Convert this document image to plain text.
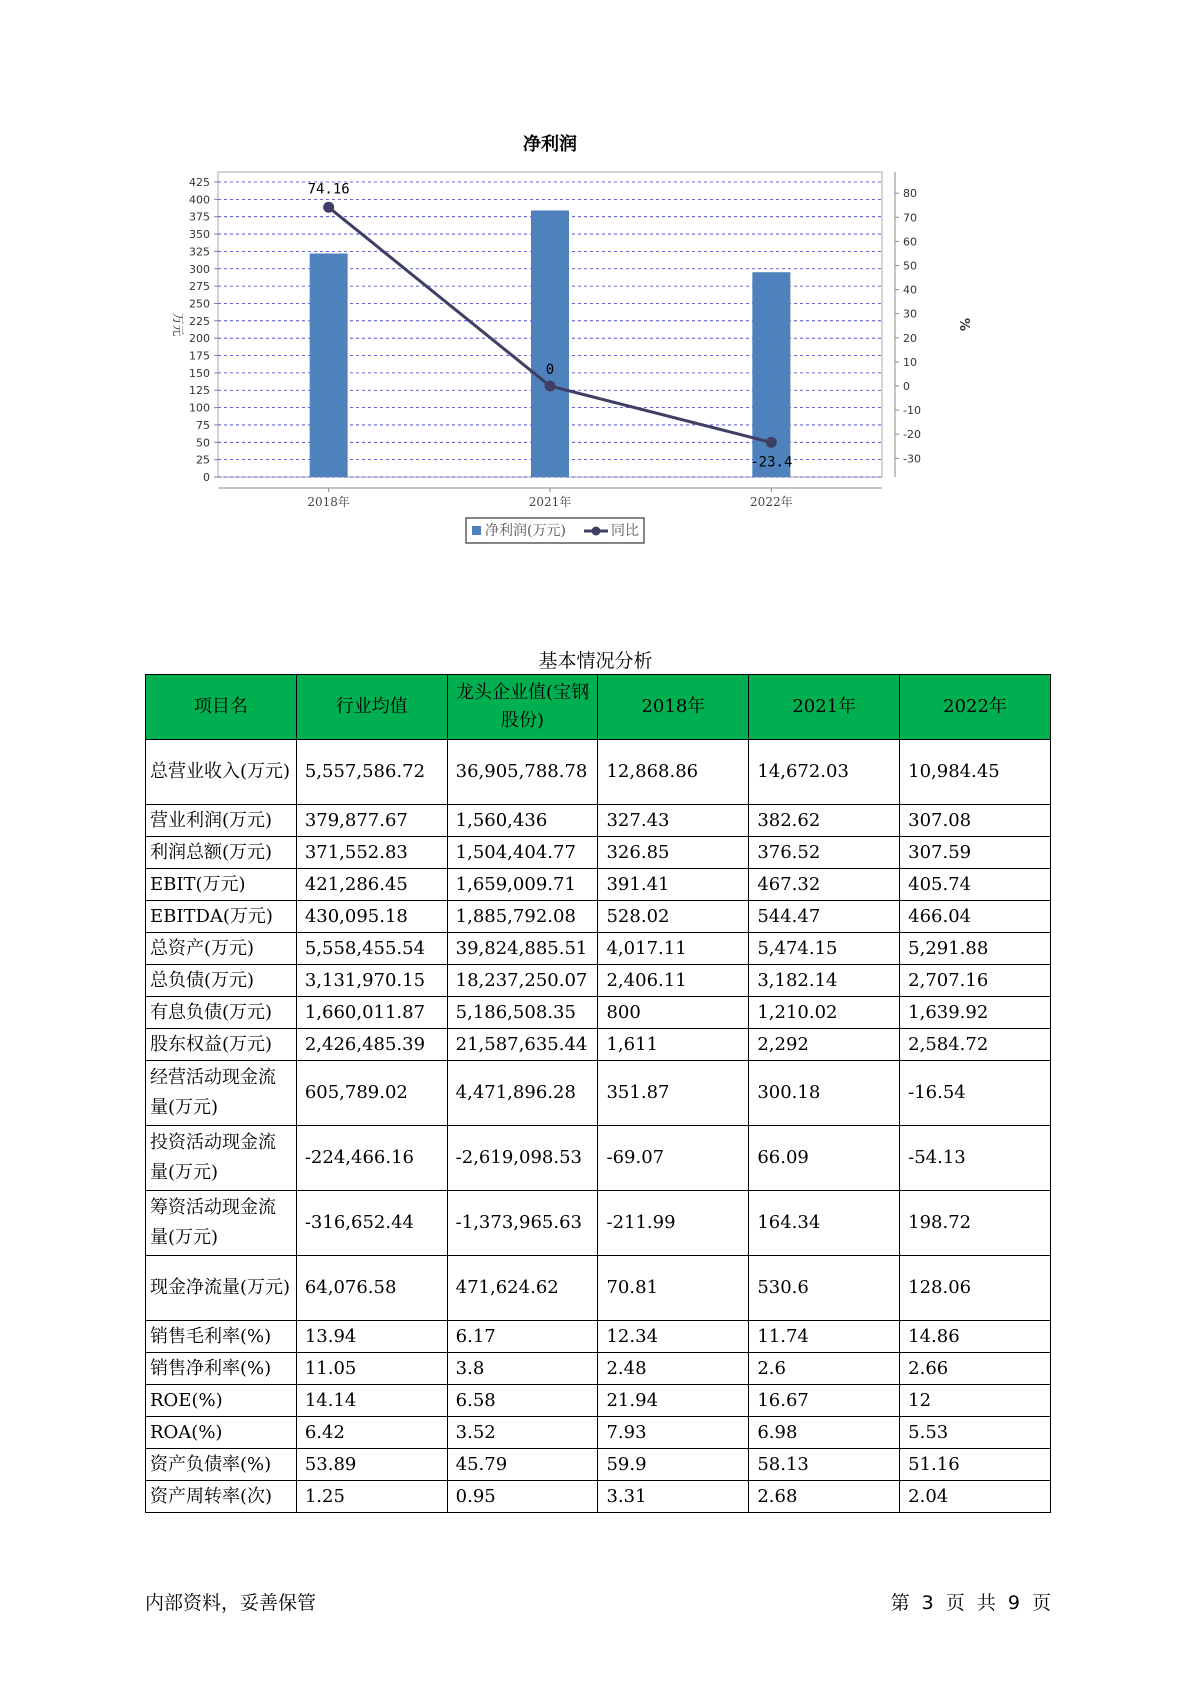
净利润
0
25
50
75
100
125
150
175
200
225
250
275
300
325
350
375
400
425
万元
-30
-20
-10
0
10
20
30
40
50
60
70
80
%
2018年	2021年	2022年
74.16
0
-23.4
净利润(万元)	同比
基本情况分析
项目名	行业均值	龙头企业值(宝钢股份)	2018年	2021年	2022年
总营业收入(万元)	5,557,586.72	36,905,788.78	12,868.86	14,672.03	10,984.45
营业利润(万元)	379,877.67	1,560,436	327.43	382.62	307.08
利润总额(万元)	371,552.83	1,504,404.77	326.85	376.52	307.59
EBIT(万元)	421,286.45	1,659,009.71	391.41	467.32	405.74
EBITDA(万元)	430,095.18	1,885,792.08	528.02	544.47	466.04
总资产(万元)	5,558,455.54	39,824,885.51	4,017.11	5,474.15	5,291.88
总负债(万元)	3,131,970.15	18,237,250.07	2,406.11	3,182.14	2,707.16
有息负债(万元)	1,660,011.87	5,186,508.35	800	1,210.02	1,639.92
股东权益(万元)	2,426,485.39	21,587,635.44	1,611	2,292	2,584.72
经营活动现金流量(万元)	605,789.02	4,471,896.28	351.87	300.18	-16.54
投资活动现金流量(万元)	-224,466.16	-2,619,098.53	-69.07	66.09	-54.13
筹资活动现金流量(万元)	-316,652.44	-1,373,965.63	-211.99	164.34	198.72
现金净流量(万元)	64,076.58	471,624.62	70.81	530.6	128.06
销售毛利率(%)	13.94	6.17	12.34	11.74	14.86
销售净利率(%)	11.05	3.8	2.48	2.6	2.66
ROE(%)	14.14	6.58	21.94	16.67	12
ROA(%)	6.42	3.52	7.93	6.98	5.53
资产负债率(%)	53.89	45.79	59.9	58.13	51.16
资产周转率(次)	1.25	0.95	3.31	2.68	2.04
内部资料，妥善保管	第 3 页 共 9 页
